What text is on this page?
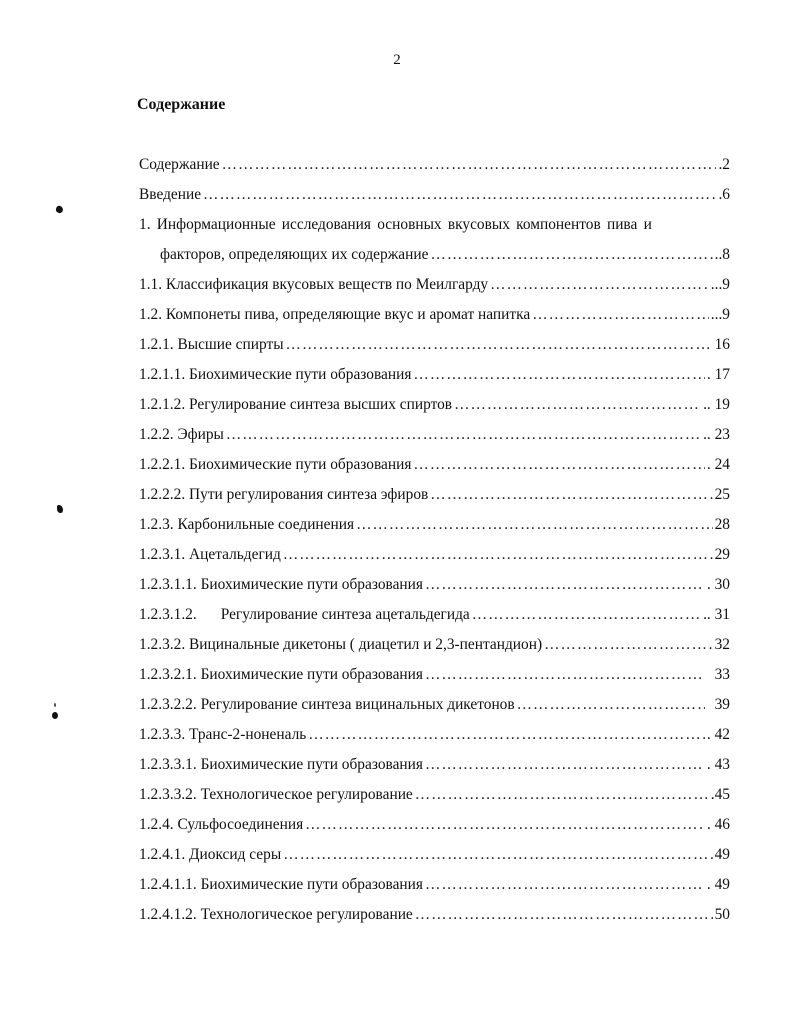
2
Содержание
Содержание ……………………………………………………………………………………………………………………………………………………	.2
Введение ……………………………………………………………………………………………………………………………………………………	.6
1. Информационные исследования основных вкусовых компонентов пива и
факторов, определяющих их содержание ……………………………………………………………………………………………………………………………………………………	..8
1.1. Классификация вкусовых веществ по Меилгарду ……………………………………………………………………………………………………………………………………………………	...9
1.2. Компонеты пива, определяющие вкус и аромат напитка ……………………………………………………………………………………………………………………………………………………	...9
1.2.1. Высшие спирты ……………………………………………………………………………………………………………………………………………………	16
1.2.1.1. Биохимические пути образования ……………………………………………………………………………………………………………………………………………………	. 17
1.2.1.2. Регулирование синтеза высших спиртов ……………………………………………………………………………………………………………………………………………………	.. 19
1.2.2. Эфиры ……………………………………………………………………………………………………………………………………………………	.. 23
1.2.2.1. Биохимические пути образования ……………………………………………………………………………………………………………………………………………………	. 24
1.2.2.2. Пути регулирования синтеза эфиров ……………………………………………………………………………………………………………………………………………………	25
1.2.3. Карбонильные соединения ……………………………………………………………………………………………………………………………………………………	28
1.2.3.1. Ацетальдегид ……………………………………………………………………………………………………………………………………………………	29
1.2.3.1.1. Биохимические пути образования ……………………………………………………………………………………………………………………………………………………	. 30
1.2.3.1.2. Регулирование синтеза ацетальдегида ……………………………………………………………………………………………………………………………………………………	.. 31
1.2.3.2. Вицинальные дикетоны ( диацетил и 2,3-пентандион) ……………………………………………………………………………………………………………………………………………………	32
1.2.3.2.1. Биохимические пути образования ……………………………………………………………………………………………………………………………………………………	33
1.2.3.2.2. Регулирование синтеза вицинальных дикетонов ……………………………………………………………………………………………………………………………………………………	39
1.2.3.3. Транс-2-ноненаль ……………………………………………………………………………………………………………………………………………………	. 42
1.2.3.3.1. Биохимические пути образования ……………………………………………………………………………………………………………………………………………………	. 43
1.2.3.3.2. Технологическое регулирование ……………………………………………………………………………………………………………………………………………………	.45
1.2.4. Сульфосоединения ……………………………………………………………………………………………………………………………………………………	. 46
1.2.4.1. Диоксид серы ……………………………………………………………………………………………………………………………………………………	49
1.2.4.1.1. Биохимические пути образования ……………………………………………………………………………………………………………………………………………………	. 49
1.2.4.1.2. Технологическое регулирование ……………………………………………………………………………………………………………………………………………………	50
